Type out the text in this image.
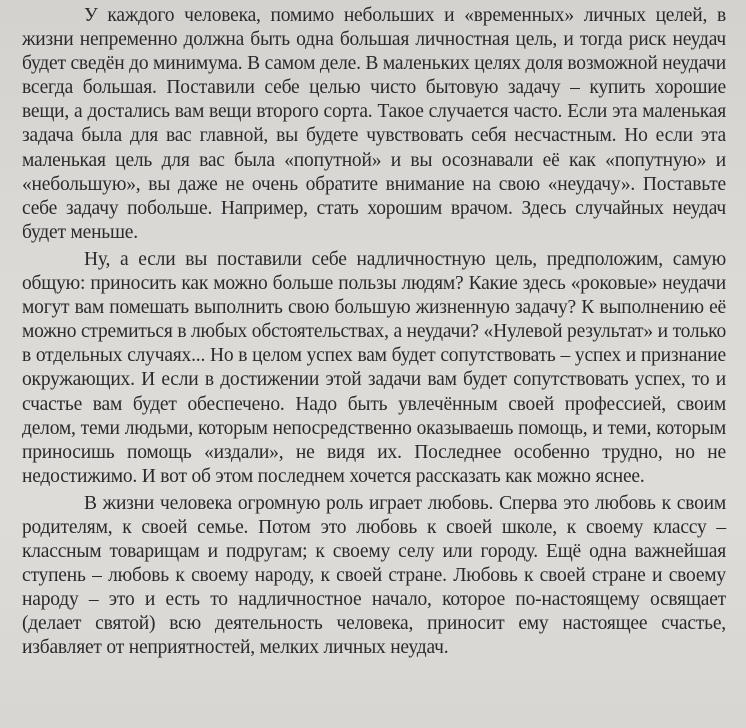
У каждого человека, помимо небольших и «временных» личных целей, в жизни непременно должна быть одна большая личностная цель, и тогда риск неудач будет сведён до минимума. В самом деле. В маленьких целях доля возможной неудачи всегда большая. Поставили себе целью чисто бытовую задачу – купить хорошие вещи, а достались вам вещи второго сорта. Такое случается часто. Если эта маленькая задача была для вас главной, вы будете чувствовать себя несчастным. Но если эта маленькая цель для вас была «попутной» и вы осознавали её как «попутную» и «небольшую», вы даже не очень обратите внимание на свою «неудачу». Поставьте себе задачу побольше. Например, стать хорошим врачом. Здесь случайных неудач будет меньше.

Ну, а если вы поставили себе надличностную цель, предположим, самую общую: приносить как можно больше пользы людям? Какие здесь «роковые» неудачи могут вам помешать выполнить свою большую жизненную задачу? К выполнению её можно стремиться в любых обстоятельствах, а неудачи? «Нулевой результат» и только в отдельных случаях... Но в целом успех вам будет сопутствовать – успех и признание окружающих. И если в достижении этой задачи вам будет сопутствовать успех, то и счастье вам будет обеспечено. Надо быть увлечённым своей профессией, своим делом, теми людьми, которым непосредственно оказываешь помощь, и теми, которым приносишь помощь «издали», не видя их. Последнее особенно трудно, но не недостижимо. И вот об этом последнем хочется рассказать как можно яснее.

В жизни человека огромную роль играет любовь. Сперва это любовь к своим родителям, к своей семье. Потом это любовь к своей школе, к своему классу – классным товарищам и подругам; к своему селу или городу. Ещё одна важнейшая ступень – любовь к своему народу, к своей стране. Любовь к своей стране и своему народу – это и есть то надличностное начало, которое по-настоящему освящает (делает святой) всю деятельность человека, приносит ему настоящее счастье, избавляет от неприятностей, мелких личных неудач.
